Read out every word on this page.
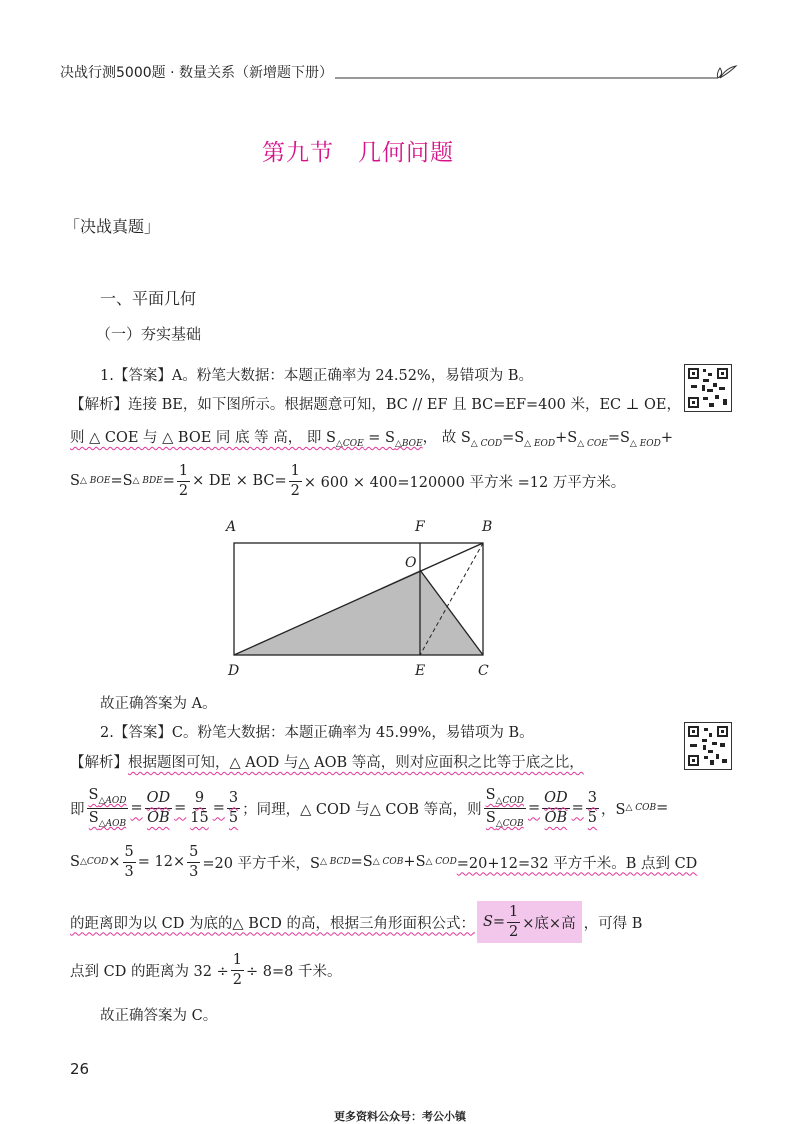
决战行测5000题 · 数量关系（新增题下册）
第九节　几何问题
「决战真题」
一、平面几何
（一）夯实基础
1.【答案】A。粉笔大数据：本题正确率为 24.52%，易错项为 B。
【解析】连接 BE，如下图所示。根据题意可知，BC // EF 且 BC=EF=400 米，EC ⊥ OE，
则 △ COE 与 △ BOE 同 底 等 高， 即 $S_{\triangle COE} = S_{\triangle BOE}$， 故 $S_{\triangle COD}=S_{\triangle EOD}+S_{\triangle COE}=S_{\triangle EOD}+$
S △ BOE =S △ BDE = $\frac{1}{2}$ × DE × $BC= \frac{1}{2} \times 600 \times 400=120000$ 平方米 =12 万平方米。
A	F	B
O
D	E	C
故正确答案为 A。
2.【答案】C。粉笔大数据：本题正确率为 45.99%，易错项为 B。
【解析】根据题图可知，△ AOD 与△ AOB 等高，则对应面积之比等于底之比，
即 $\frac{S_{\triangle AOD}}{S_{\triangle AOB}} = \frac{OD}{OB} = \frac{9}{15} = \frac{3}{5}$ ；同理，△ COD 与△ COB 等高，则 $\frac{S_{\triangle COD}}{S_{\triangle COB}} = \frac{OD}{OB} = \frac{3}{5}$ ，S △ COB =
S △COD × $\frac{5}{3} = 12\times \frac{5}{3} =20$ 平方千米，S △ BCD =S △ COB +S △ COD =20+12=32 平方千米。B 点到 CD
的距离即为以 CD 为底的△ BCD 的高，根据三角形面积公式： $S= \frac{1}{2}$ ×底×高 ，可得 B
点到 CD 的距离为 $32 \div \frac{1}{2} \div 8=8$ 千米。
故正确答案为 C。
26
更多资料公众号：考公小镇
